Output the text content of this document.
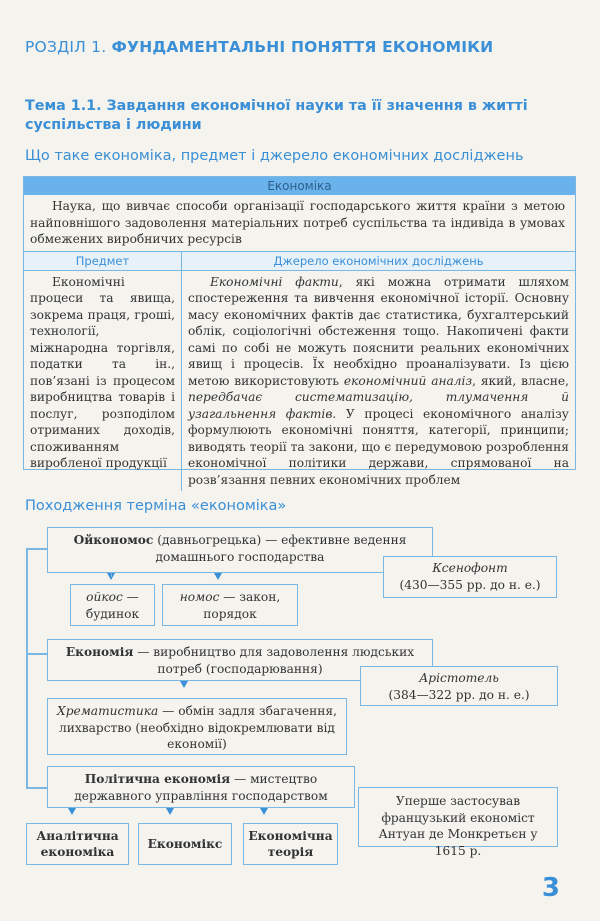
РОЗДІЛ 1. ФУНДАМЕНТАЛЬНІ ПОНЯТТЯ ЕКОНОМІКИ
Тема 1.1. Завдання економічної науки та її значення в житті суспільства і людини
Що таке економіка, предмет і джерело економічних досліджень
Економіка
Наука, що вивчає способи організації господарського життя країни з метою найповнішого задоволення матеріальних потреб суспільства та індивіда в умовах обмежених виробничих ресурсів
Предмет
Економічні процеси та явища, зокрема праця, гроші, технології, міжнародна торгівля, податки та ін., пов’язані із процесом виробництва товарів і послуг, розподілом отриманих доходів, споживанням виробленої продукції
Джерело економічних досліджень
Економічні факти, які можна отримати шляхом спостереження та вивчення економічної історії. Основну масу економічних фактів дає статистика, бухгалтерський облік, соціологічні обстеження тощо. Накопичені факти самі по собі не можуть пояснити реальних економічних явищ і процесів. Їх необхідно проаналізувати. Із цією метою використовують економічний аналіз, який, власне, передбачає систематизацію, тлумачення й узагальнення фактів. У процесі економічного аналізу формулюють економічні поняття, категорії, принципи; виводять теорії та закони, що є передумовою розроблення економічної політики держави, спрямованої на розв’язання певних економічних проблем
Походження терміна «економіка»
Ойкономос (давньогрецька) — ефективне ведення домашнього господарства
Ксенофонт
(430—355 рр. до н. е.)
ойкос — будинок
номос — закон, порядок
Економія — виробництво для задоволення людських потреб (господарювання)
Арістотель
(384—322 рр. до н. е.)
Хрематистика — обмін задля збагачення, лихварство (необхідно відокремлювати від економії)
Політична економія — мистецтво державного управління господарством	Уперше застосував французький економіст Антуан де Монкретьєн у 1615 р.
Аналітична економіка
Економікс
Економічна теорія
3
